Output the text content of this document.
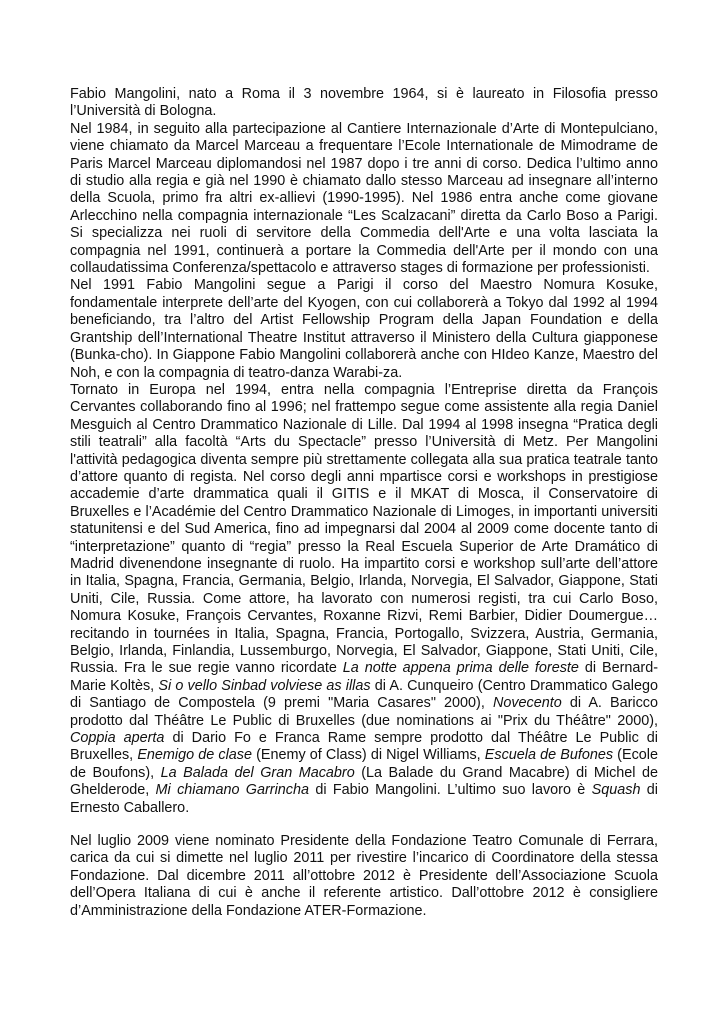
Fabio Mangolini, nato a Roma il 3 novembre 1964, si è laureato in Filosofia presso l’Università di Bologna.

Nel 1984, in seguito alla partecipazione al Cantiere Internazionale d’Arte di Montepulciano, viene chiamato da Marcel Marceau a frequentare l’Ecole Internationale de Mimodrame de Paris Marcel Marceau diplomandosi nel 1987 dopo i tre anni di corso. Dedica l’ultimo anno di studio alla regia e già nel 1990 è chiamato dallo stesso Marceau ad insegnare all’interno della Scuola, primo fra altri ex-allievi (1990-1995). Nel 1986 entra anche come giovane Arlecchino nella compagnia internazionale “Les Scalzacani” diretta da Carlo Boso a Parigi. Si specializza nei ruoli di servitore della Commedia dell'Arte e una volta lasciata la compagnia nel 1991, continuerà a portare la Commedia dell'Arte per il mondo con una collaudatissima Conferenza/spettacolo e attraverso stages di formazione per professionisti.

Nel 1991 Fabio Mangolini segue a Parigi il corso del Maestro Nomura Kosuke, fondamentale interprete dell’arte del Kyogen, con cui collaborerà a Tokyo dal 1992 al 1994 beneficiando, tra l’altro del Artist Fellowship Program della Japan Foundation e della Grantship dell’International Theatre Institut attraverso il Ministero della Cultura giapponese (Bunka-cho). In Giappone Fabio Mangolini collaborerà anche con HIdeo Kanze, Maestro del Noh, e con la compagnia di teatro-danza Warabi-za.

Tornato in Europa nel 1994, entra nella compagnia l’Entreprise diretta da François Cervantes collaborando fino al 1996; nel frattempo segue come assistente alla regia Daniel Mesguich al Centro Drammatico Nazionale di Lille. Dal 1994 al 1998 insegna “Pratica degli stili teatrali” alla facoltà “Arts du Spectacle” presso l’Università di Metz. Per Mangolini l'attività pedagogica diventa sempre più strettamente collegata alla sua pratica teatrale tanto d’attore quanto di regista. Nel corso degli anni mpartisce corsi e workshops in prestigiose accademie d’arte drammatica quali il GITIS e il MKAT di Mosca, il Conservatoire di Bruxelles e l’Académie del Centro Drammatico Nazionale di Limoges, in importanti universiti statunitensi e del Sud America, fino ad impegnarsi dal 2004 al 2009 come docente tanto di “interpretazione” quanto di “regia” presso la Real Escuela Superior de Arte Dramático di Madrid divenendone insegnante di ruolo. Ha impartito corsi e workshop sull’arte dell’attore in Italia, Spagna, Francia, Germania, Belgio, Irlanda, Norvegia, El Salvador, Giappone, Stati Uniti, Cile, Russia. Come attore, ha lavorato con numerosi registi, tra cui Carlo Boso, Nomura Kosuke, François Cervantes, Roxanne Rizvi, Remi Barbier, Didier Doumergue… recitando in tournées in Italia, Spagna, Francia, Portogallo, Svizzera, Austria, Germania, Belgio, Irlanda, Finlandia, Lussemburgo, Norvegia, El Salvador, Giappone, Stati Uniti, Cile, Russia. Fra le sue regie vanno ricordate La notte appena prima delle foreste di Bernard-Marie Koltès, Si o vello Sinbad volviese as illas di A. Cunqueiro (Centro Drammatico Galego di Santiago de Compostela (9 premi "Maria Casares" 2000), Novecento di A. Baricco prodotto dal Théâtre Le Public di Bruxelles (due nominations ai "Prix du Théâtre" 2000), Coppia aperta di Dario Fo e Franca Rame sempre prodotto dal Théâtre Le Public di Bruxelles, Enemigo de clase (Enemy of Class) di Nigel Williams, Escuela de Bufones (Ecole de Boufons), La Balada del Gran Macabro (La Balade du Grand Macabre) di Michel de Ghelderode, Mi chiamano Garrincha di Fabio Mangolini. L’ultimo suo lavoro è Squash di Ernesto Caballero.

Nel luglio 2009 viene nominato Presidente della Fondazione Teatro Comunale di Ferrara, carica da cui si dimette nel luglio 2011 per rivestire l’incarico di Coordinatore della stessa Fondazione. Dal dicembre 2011 all’ottobre 2012 è Presidente dell’Associazione Scuola dell’Opera Italiana di cui è anche il referente artistico. Dall’ottobre 2012 è consigliere d’Amministrazione della Fondazione ATER-Formazione.
